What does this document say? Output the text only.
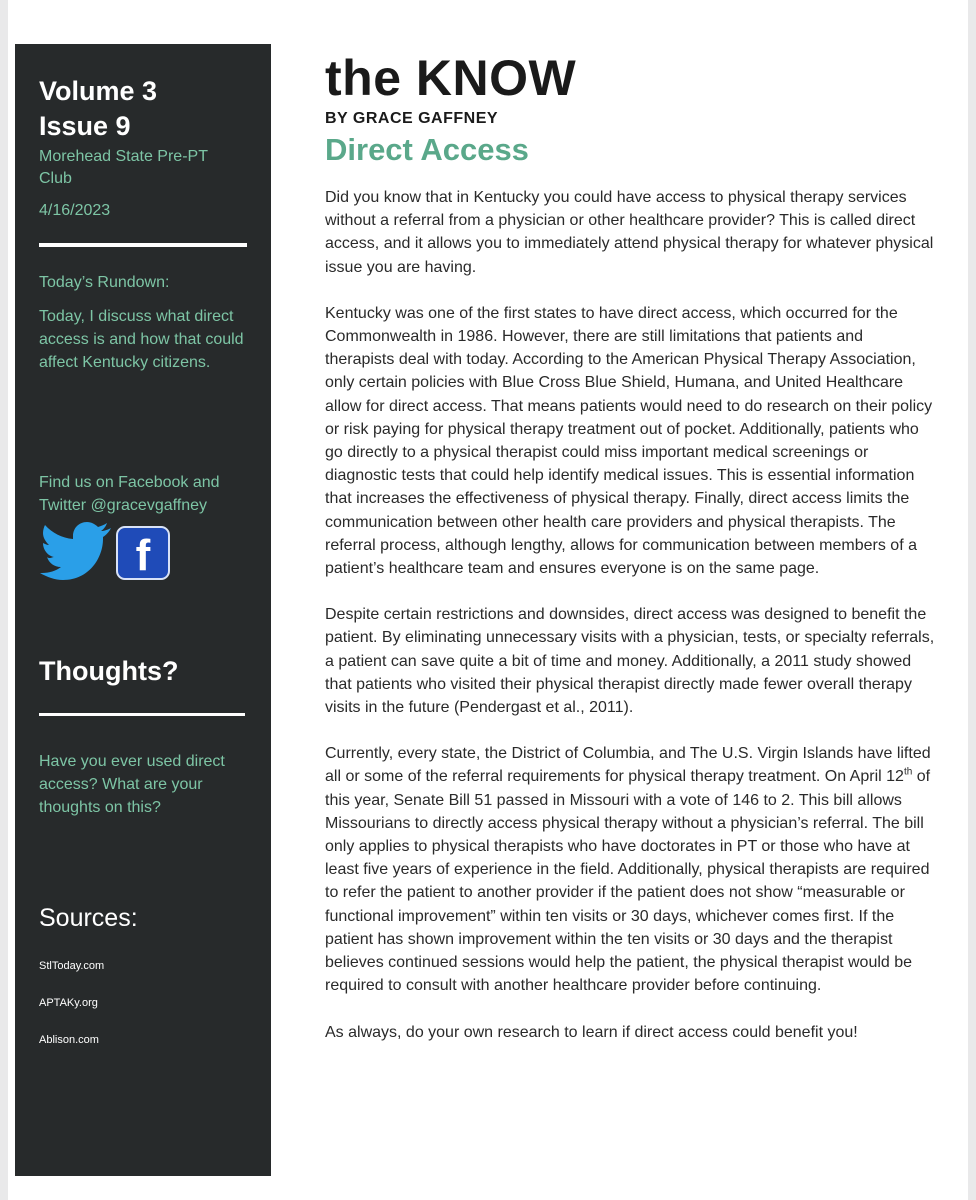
Volume 3
Issue 9
Morehead State Pre-PT Club
4/16/2023
Today’s Rundown:
Today, I discuss what direct access is and how that could affect Kentucky citizens.
Find us on Facebook and Twitter @gracevgaffney
f
Thoughts?
Have you ever used direct access? What are your thoughts on this?
Sources:
StlToday.com
APTAKy.org
Ablison.com
the KNOW
BY GRACE GAFFNEY
Direct Access

Did you know that in Kentucky you could have access to physical therapy services without a referral from a physician or other healthcare provider? This is called direct access, and it allows you to immediately attend physical therapy for whatever physical issue you are having.

Kentucky was one of the first states to have direct access, which occurred for the Commonwealth in 1986. However, there are still limitations that patients and therapists deal with today. According to the American Physical Therapy Association, only certain policies with Blue Cross Blue Shield, Humana, and United Healthcare allow for direct access. That means patients would need to do research on their policy or risk paying for physical therapy treatment out of pocket. Additionally, patients who go directly to a physical therapist could miss important medical screenings or diagnostic tests that could help identify medical issues. This is essential information that increases the effectiveness of physical therapy. Finally, direct access limits the communication between other health care providers and physical therapists. The referral process, although lengthy, allows for communication between members of a patient’s healthcare team and ensures everyone is on the same page.

Despite certain restrictions and downsides, direct access was designed to benefit the patient. By eliminating unnecessary visits with a physician, tests, or specialty referrals, a patient can save quite a bit of time and money. Additionally, a 2011 study showed that patients who visited their physical therapist directly made fewer overall therapy visits in the future (Pendergast et al., 2011).

Currently, every state, the District of Columbia, and The U.S. Virgin Islands have lifted all or some of the referral requirements for physical therapy treatment. On April 12th of this year, Senate Bill 51 passed in Missouri with a vote of 146 to 2. This bill allows Missourians to directly access physical therapy without a physician’s referral. The bill only applies to physical therapists who have doctorates in PT or those who have at least five years of experience in the field. Additionally, physical therapists are required to refer the patient to another provider if the patient does not show “measurable or functional improvement” within ten visits or 30 days, whichever comes first. If the patient has shown improvement within the ten visits or 30 days and the therapist believes continued sessions would help the patient, the physical therapist would be required to consult with another healthcare provider before continuing.

As always, do your own research to learn if direct access could benefit you!
